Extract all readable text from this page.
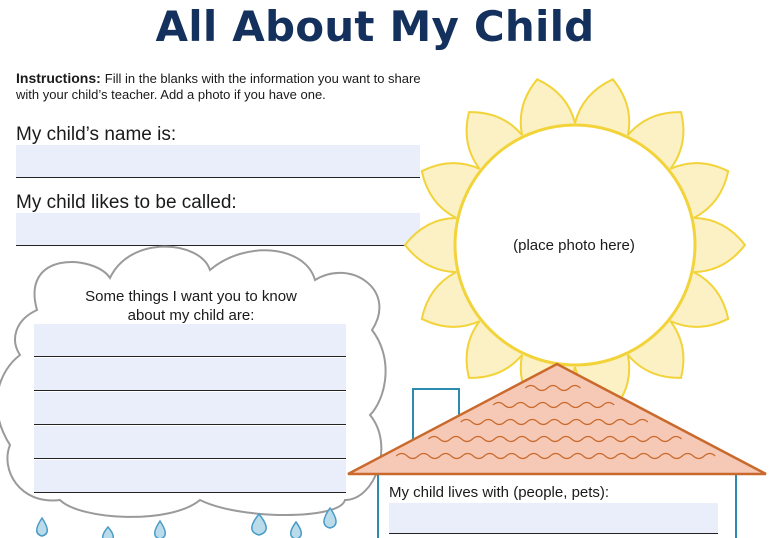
All About My Child
Instructions: Fill in the blanks with the information you want to share with your child’s teacher. Add a photo if you have one.
My child’s name is:
My child likes to be called:
Some things I want you to know
about my child are:
(place photo here)
My child lives with (people, pets):
